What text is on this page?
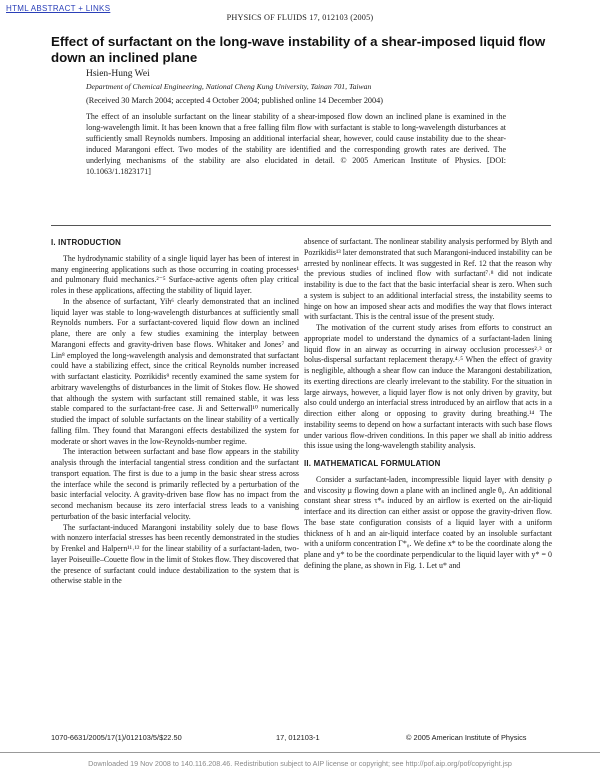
HTML ABSTRACT + LINKS
PHYSICS OF FLUIDS 17, 012103 (2005)
Effect of surfactant on the long-wave instability of a shear-imposed liquid flow down an inclined plane
Hsien-Hung Wei
Department of Chemical Engineering, National Cheng Kung University, Tainan 701, Taiwan
(Received 30 March 2004; accepted 4 October 2004; published online 14 December 2004)
The effect of an insoluble surfactant on the linear stability of a shear-imposed flow down an inclined plane is examined in the long-wavelength limit. It has been known that a free falling film flow with surfactant is stable to long-wavelength disturbances at sufficiently small Reynolds numbers. Imposing an additional interfacial shear, however, could cause instability due to the shear-induced Marangoni effect. Two modes of the stability are identified and the corresponding growth rates are derived. The underlying mechanisms of the stability are also elucidated in detail. © 2005 American Institute of Physics. [DOI: 10.1063/1.1823171]
I. INTRODUCTION

The hydrodynamic stability of a single liquid layer has been of interest in many engineering applications such as those occurring in coating processes¹ and pulmonary fluid mechanics.²⁻⁵ Surface-active agents often play critical roles in these applications, affecting the stability of liquid layer.

In the absence of surfactant, Yih⁶ clearly demonstrated that an inclined liquid layer was stable to long-wavelength disturbances at sufficiently small Reynolds numbers. For a surfactant-covered liquid flow down an inclined plane, there are only a few studies examining the interplay between Marangoni effects and gravity-driven base flows. Whitaker and Jones⁷ and Lin⁸ employed the long-wavelength analysis and demonstrated that surfactant could have a stabilizing effect, since the critical Reynolds number increased with surfactant elasticity. Pozrikidis⁹ recently examined the same system for arbitrary wavelengths of disturbances in the limit of Stokes flow. He showed that although the system with surfactant still remained stable, it was less stable compared to the surfactant-free case. Ji and Setterwall¹⁰ numerically studied the impact of soluble surfactants on the linear stability of a vertically falling film. They found that Marangoni effects destabilized the system for moderate or short waves in the low-Reynolds-number regime.

The interaction between surfactant and base flow appears in the stability analysis through the interfacial tangential stress condition and the surfactant transport equation. The first is due to a jump in the basic shear stress across the interface while the second is primarily reflected by a perturbation of the basic interfacial velocity. A gravity-driven base flow has no impact from the second mechanism because its zero interfacial stress leads to a vanishing perturbation of the basic interfacial velocity.

The surfactant-induced Marangoni instability solely due to base flows with nonzero interfacial stresses has been recently demonstrated in the studies by Frenkel and Halpern¹¹˒¹² for the linear stability of a surfactant-laden, two-layer Poiseuille–Couette flow in the limit of Stokes flow. They discovered that the presence of surfactant could induce destabilization to the system that is otherwise stable in the

absence of surfactant. The nonlinear stability analysis performed by Blyth and Pozrikidis¹³ later demonstrated that such Marangoni-induced instability can be arrested by nonlinear effects. It was suggested in Ref. 12 that the reason why the previous studies of inclined flow with surfactant⁷˒⁸ did not indicate instability is due to the fact that the basic interfacial shear is zero. When such a system is subject to an additional interfacial stress, the instability seems to hinge on how an imposed shear acts and modifies the way that flows interact with surfactant. This is the central issue of the present study.

The motivation of the current study arises from efforts to construct an appropriate model to understand the dynamics of a surfactant-laden lining liquid flow in an airway as occurring in airway occlusion processes²˒³ or bolus-dispersal surfactant replacement therapy.⁴˒⁵ When the effect of gravity is negligible, although a shear flow can induce the Marangoni destabilization, its exerting directions are clearly irrelevant to the stability. For the situation in large airways, however, a liquid layer flow is not only driven by gravity, but also could undergo an interfacial stress introduced by an airflow that acts in a direction either along or opposing to gravity during breathing.¹⁴ The instability seems to depend on how a surfactant interacts with such base flows under various flow-driven conditions. In this paper we shall ab initio address this issue using the long-wavelength stability analysis.

II. MATHEMATICAL FORMULATION

Consider a surfactant-laden, incompressible liquid layer with density ρ and viscosity μ flowing down a plane with an inclined angle θ₀. An additional constant shear stress τ*ₛ induced by an airflow is exerted on the air-liquid interface and its direction can either assist or oppose the gravity-driven flow. The base state configuration consists of a liquid layer with a uniform thickness of h and an air-liquid interface coated by an insoluble surfactant with a uniform concentration Γ*₀. We define x* to be the coordinate along the plane and y* to be the coordinate perpendicular to the liquid layer with y* = 0 defining the plane, as shown in Fig. 1. Let u* and

1070-6631/2005/17(1)/012103/5/$22.50	17, 012103-1	© 2005 American Institute of Physics
Downloaded 19 Nov 2008 to 140.116.208.46. Redistribution subject to AIP license or copyright; see http://pof.aip.org/pof/copyright.jsp
